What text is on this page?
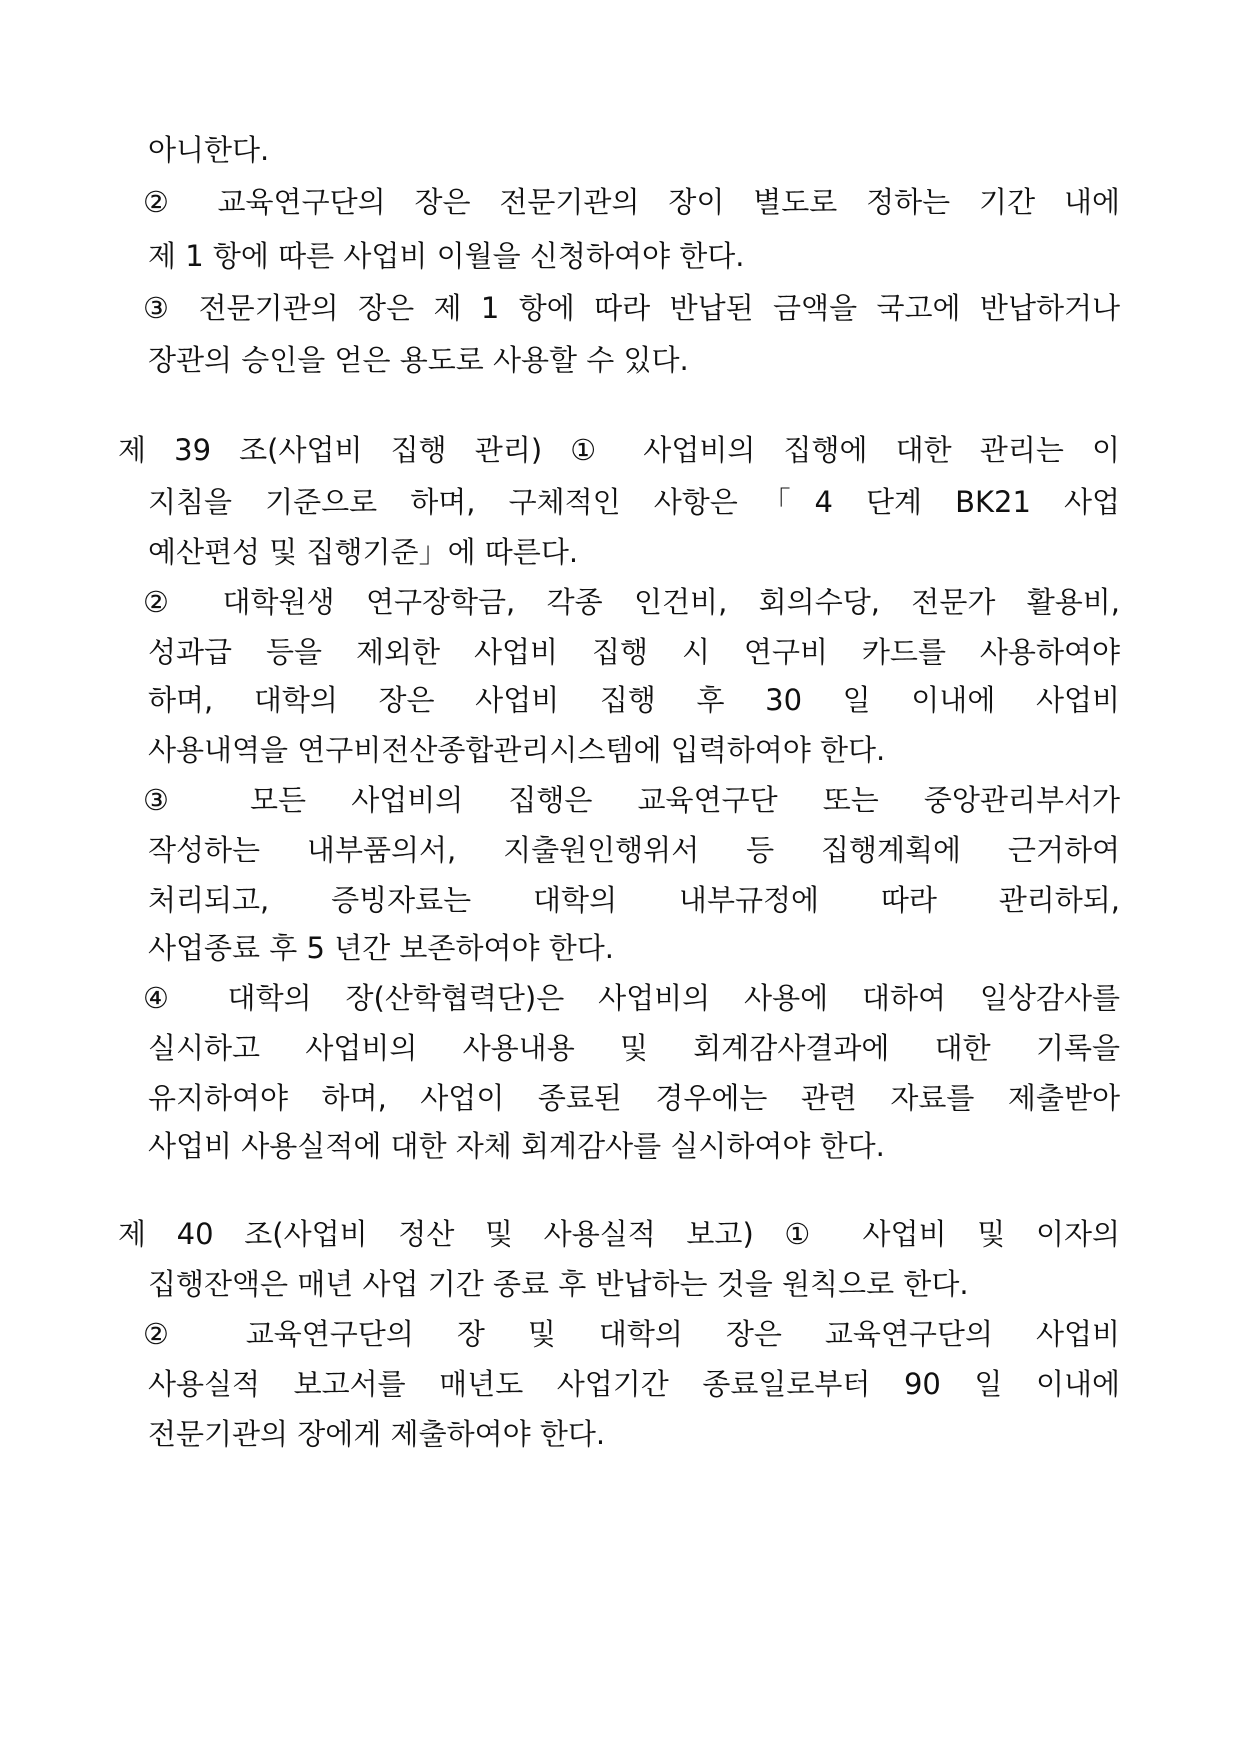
아니한다.
② 교육연구단의 장은 전문기관의 장이 별도로 정하는 기간 내에
제 1 항에 따른 사업비 이월을 신청하여야 한다.
③ 전문기관의 장은 제 1 항에 따라 반납된 금액을 국고에 반납하거나
장관의 승인을 얻은 용도로 사용할 수 있다.
제 39 조(사업비 집행 관리) ① 사업비의 집행에 대한 관리는 이
지침을 기준으로 하며, 구체적인 사항은「4 단계 BK21 사업
예산편성 및 집행기준」에 따른다.
② 대학원생 연구장학금, 각종 인건비, 회의수당, 전문가 활용비,
성과급 등을 제외한 사업비 집행 시 연구비 카드를 사용하여야
하며, 대학의 장은 사업비 집행 후 30 일 이내에 사업비
사용내역을 연구비전산종합관리시스템에 입력하여야 한다.
③ 모든 사업비의 집행은 교육연구단 또는 중앙관리부서가
작성하는 내부품의서, 지출원인행위서 등 집행계획에 근거하여
처리되고, 증빙자료는 대학의 내부규정에 따라 관리하되,
사업종료 후 5 년간 보존하여야 한다.
④ 대학의 장(산학협력단)은 사업비의 사용에 대하여 일상감사를
실시하고 사업비의 사용내용 및 회계감사결과에 대한 기록을
유지하여야 하며, 사업이 종료된 경우에는 관련 자료를 제출받아
사업비 사용실적에 대한 자체 회계감사를 실시하여야 한다.
제 40 조(사업비 정산 및 사용실적 보고) ① 사업비 및 이자의
집행잔액은 매년 사업 기간 종료 후 반납하는 것을 원칙으로 한다.
② 교육연구단의 장 및 대학의 장은 교육연구단의 사업비
사용실적 보고서를 매년도 사업기간 종료일로부터 90 일 이내에
전문기관의 장에게 제출하여야 한다.
